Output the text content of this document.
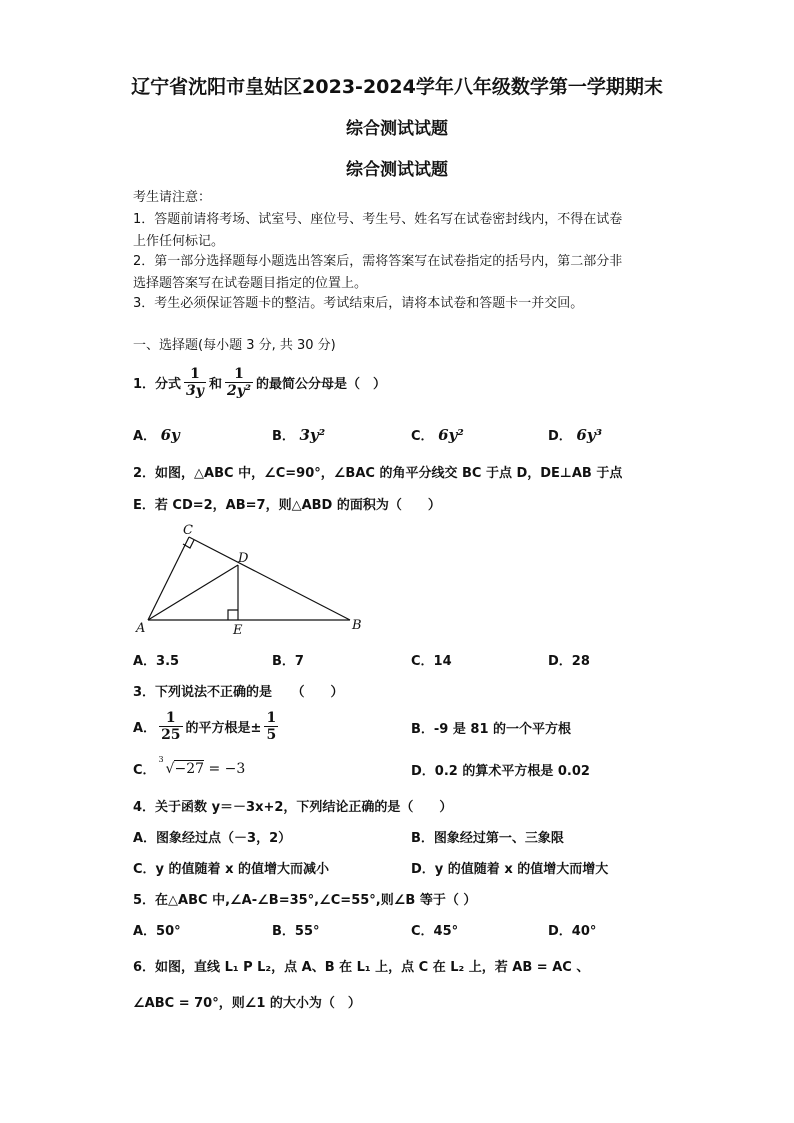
辽宁省沈阳市皇姑区2023-2024学年八年级数学第一学期期末
综合测试试题
综合测试试题
考生请注意：
1．答题前请将考场、试室号、座位号、考生号、姓名写在试卷密封线内，不得在试卷
上作任何标记。
2．第一部分选择题每小题选出答案后，需将答案写在试卷指定的括号内，第二部分非
选择题答案写在试卷题目指定的位置上。
3．考生必须保证答题卡的整洁。考试结束后，请将本试卷和答题卡一并交回。
一、选择题(每小题 3 分, 共 30 分)
1．分式 $\frac{1}{3y}$ 和 $\frac{1}{\text{2y²}}$ 的最简公分母是（　）
A． 6y	B． 3y²	C． 6y²	D． 6y³
2．如图，△ABC 中，∠C=90°，∠BAC 的角平分线交 BC 于点 D，DE⊥AB 于点
E．若 CD=2，AB=7，则△ABD 的面积为（　　）
C
D
A	E	B
A．3.5	B．7	C．14	D．28
3．下列说法不正确的是　　（　　）
A． $\frac{1}{25}$ 的平方根是± $\frac{1}{5}$	B．-9 是 81 的一个平方根
C．
3
√−27 = −3	D．0.2 的算术平方根是 0.02
4．关于函数 y＝－3x+2，下列结论正确的是（　　）
A．图象经过点（－3，2）	B．图象经过第一、三象限
C．y 的值随着 x 的值增大而减小	D．y 的值随着 x 的值增大而增大
5．在△ABC 中,∠A-∠B=35°,∠C=55°,则∠B 等于（ ）
A．50°	B．55°	C．45°	D．40°
6．如图，直线 L₁ P L₂，点 A、B 在 L₁ 上，点 C 在 L₂ 上，若 AB = AC 、
∠ABC = 70°，则∠1 的大小为（　）
